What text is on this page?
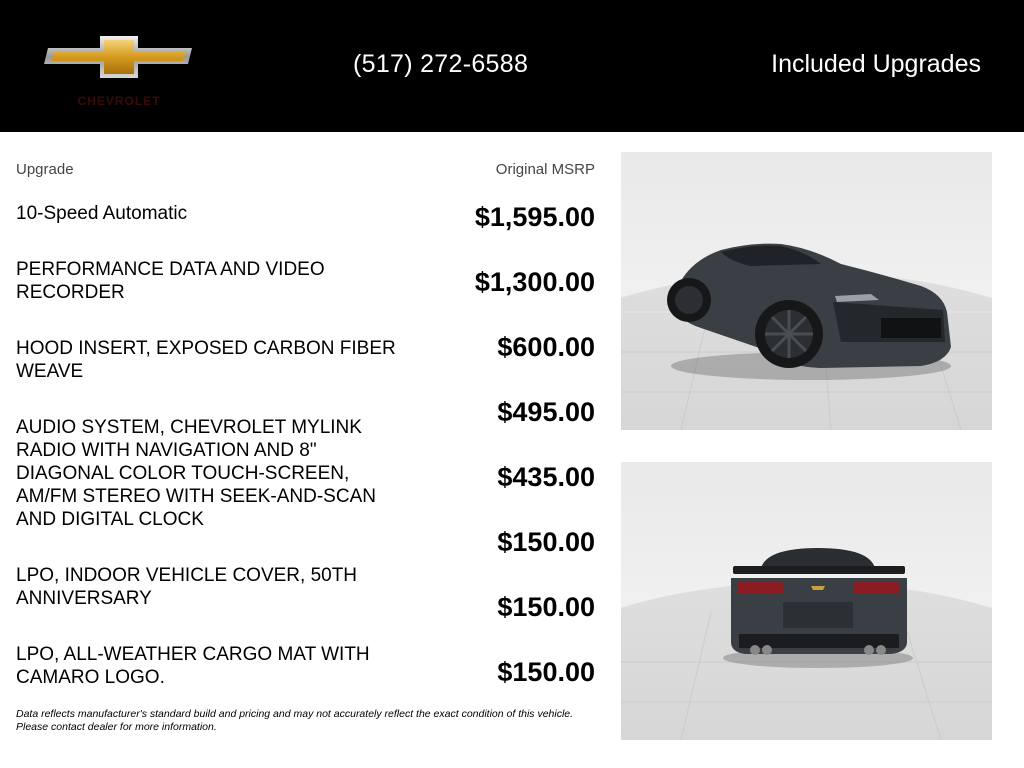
CHEVROLET
(517) 272-6588	Included Upgrades
Upgrade	Original MSRP
10-Speed Automatic
PERFORMANCE DATA AND VIDEO RECORDER
HOOD INSERT, EXPOSED CARBON FIBER WEAVE
AUDIO SYSTEM, CHEVROLET MYLINK RADIO WITH NAVIGATION AND 8" DIAGONAL COLOR TOUCH-SCREEN, AM/FM STEREO WITH SEEK-AND-SCAN AND DIGITAL CLOCK
LPO, INDOOR VEHICLE COVER, 50TH ANNIVERSARY
LPO, ALL-WEATHER CARGO MAT WITH CAMARO LOGO.
$1,595.00
$1,300.00
$600.00
$495.00
$435.00
$150.00
$150.00
$150.00
Data reflects manufacturer's standard build and pricing and may not accurately reflect the exact condition of this vehicle. Please contact dealer for more information.
